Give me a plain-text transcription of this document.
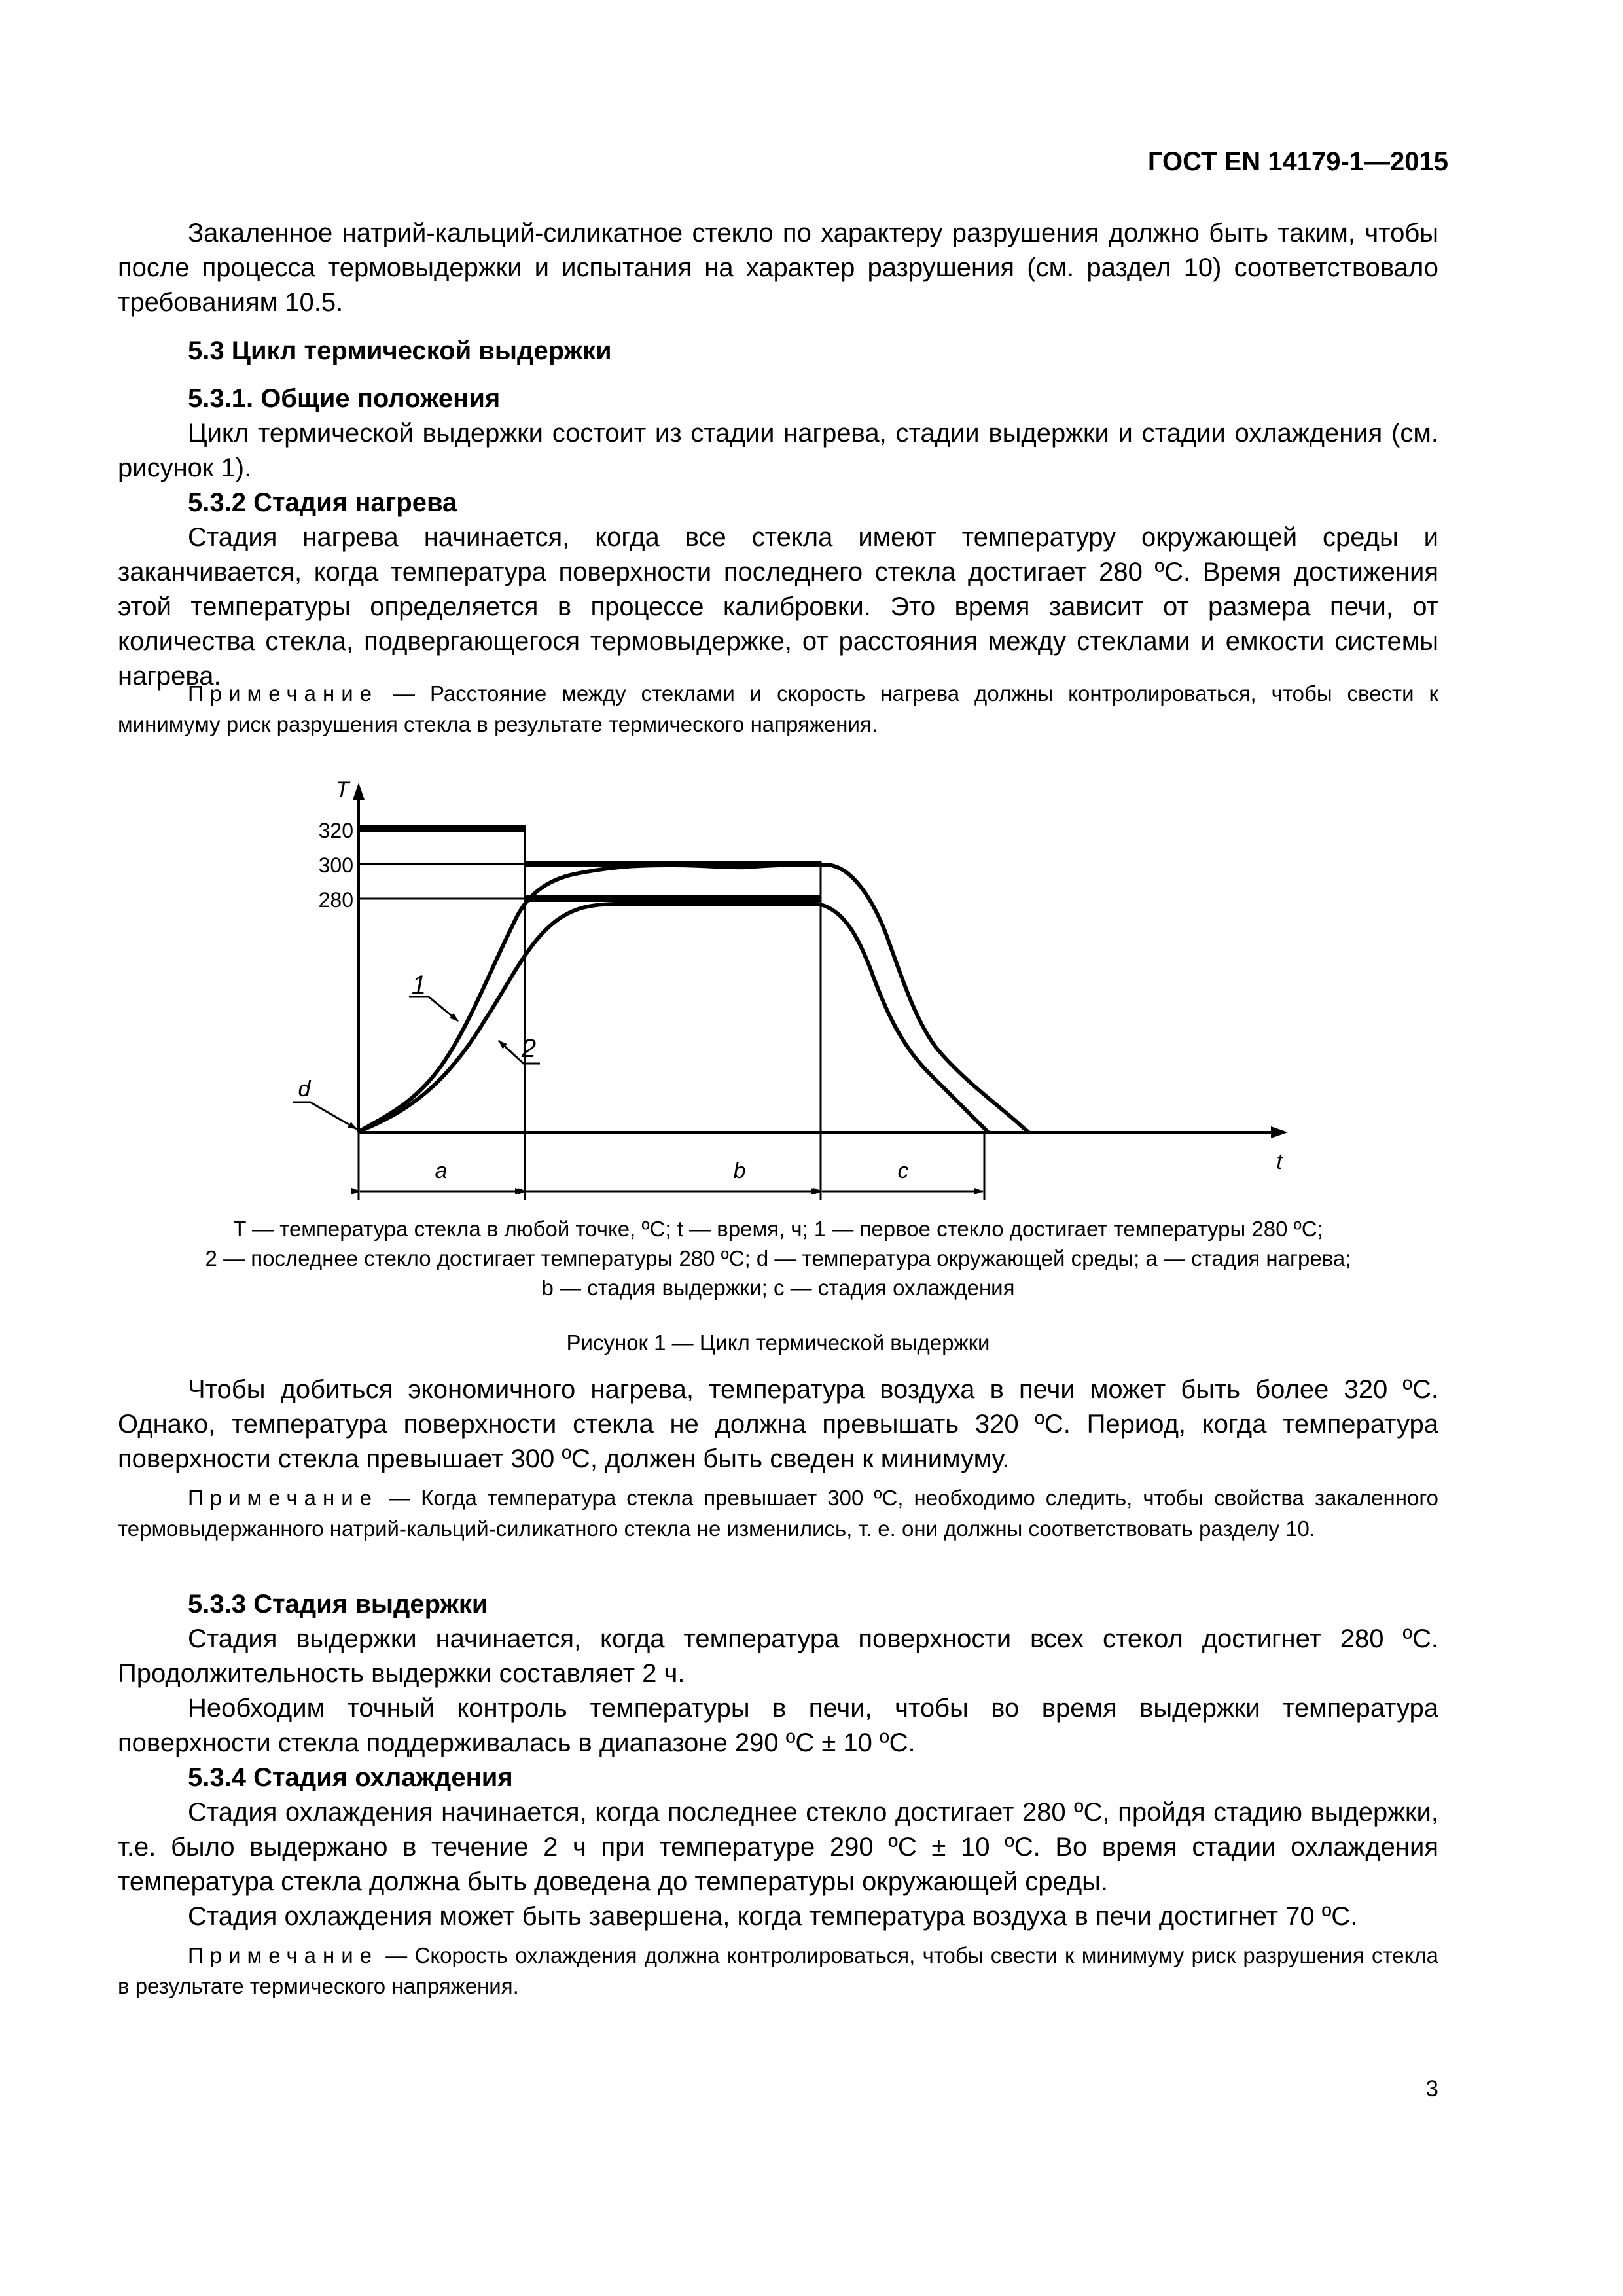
ГОСТ EN 14179-1—2015
Закаленное натрий-кальций-силикатное стекло по характеру разрушения должно быть таким, чтобы после процесса термовыдержки и испытания на характер разрушения (см. раздел 10) соответствовало требованиям 10.5.
5.3 Цикл термической выдержки
5.3.1. Общие положения
Цикл термической выдержки состоит из стадии нагрева, стадии выдержки и стадии охлаждения (см. рисунок 1).
5.3.2 Стадия нагрева
Стадия нагрева начинается, когда все стекла имеют температуру окружающей среды и заканчивается, когда температура поверхности последнего стекла достигает 280 ºС. Время достижения этой температуры определяется в процессе калибровки. Это время зависит от размера печи, от количества стекла, подвергающегося термовыдержке, от расстояния между стеклами и емкости системы нагрева.
Примечание — Расстояние между стеклами и скорость нагрева должны контролироваться, чтобы свести к минимуму риск разрушения стекла в результате термического напряжения.
T
320
300
280
t
1
2
d
a	b	c
T — температура стекла в любой точке, ºС; t — время, ч; 1 — первое стекло достигает температуры 280 ºС;
2 — последнее стекло достигает температуры 280 ºС; d — температура окружающей среды; a — стадия нагрева;
b — стадия выдержки; c — стадия охлаждения
Рисунок 1 — Цикл термической выдержки
Чтобы добиться экономичного нагрева, температура воздуха в печи может быть более 320 ºС. Однако, температура поверхности стекла не должна превышать 320 ºС. Период, когда температура поверхности стекла превышает 300 ºС, должен быть сведен к минимуму.
Примечание — Когда температура стекла превышает 300 ºС, необходимо следить, чтобы свойства закаленного термовыдержанного натрий-кальций-силикатного стекла не изменились, т. е. они должны соответствовать разделу 10.
5.3.3 Стадия выдержки
Стадия выдержки начинается, когда температура поверхности всех стекол достигнет 280 ºС. Продолжительность выдержки составляет 2 ч.
Необходим точный контроль температуры в печи, чтобы во время выдержки температура поверхности стекла поддерживалась в диапазоне 290 ºС ± 10 ºС.
5.3.4 Стадия охлаждения
Стадия охлаждения начинается, когда последнее стекло достигает 280 ºС, пройдя стадию выдержки, т.е. было выдержано в течение 2 ч при температуре 290 ºС ± 10 ºС. Во время стадии охлаждения температура стекла должна быть доведена до температуры окружающей среды.
Стадия охлаждения может быть завершена, когда температура воздуха в печи достигнет 70 ºС.
Примечание — Скорость охлаждения должна контролироваться, чтобы свести к минимуму риск разрушения стекла в результате термического напряжения.
3
